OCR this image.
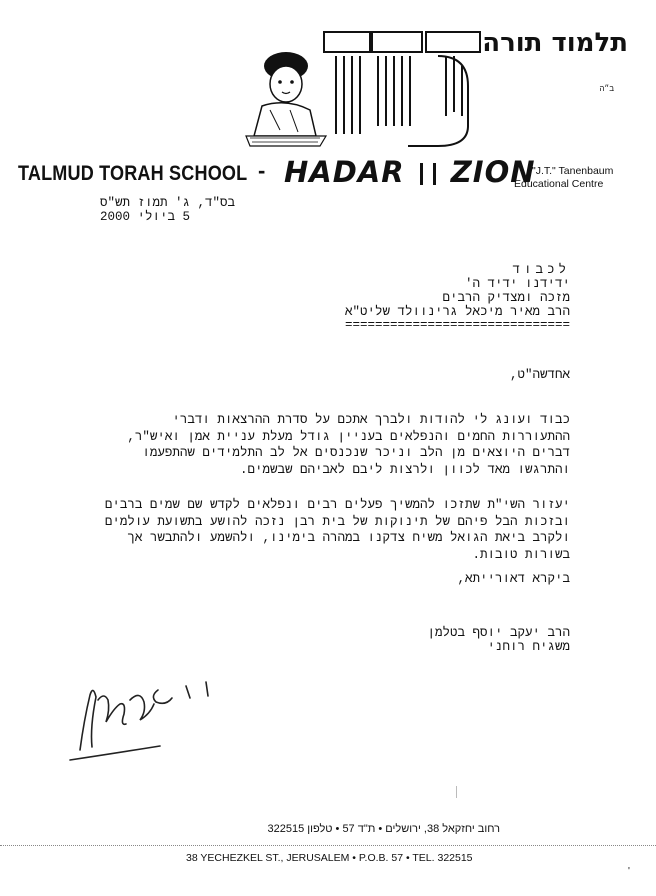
תלמוד תורה
ב״ה
TALMUD TORAH SCHOOL - HADAR ZION
"J.T." Tanenbaum
Educational Centre
בס"ד, ג' תמוז תש"ס
5 ביולי 2000
לכבוד
ידידנו ידיד ה'
מזכה ומצדיק הרבים
הרב מאיר מיכאל גרינוולד שליט"א
==============================
אחדשה"ט,
כבוד ועונג לי להודות ולברך אתכם על סדרת ההרצאות ודברי ההתעוררות החמים והנפלאים בעניין גודל מעלת עניית אמן ואיש"ר, דברים היוצאים מן הלב וניכר שנכנסים אל לב התלמידים שהתפעמו והתרגשו מאד לכוון ולרצות ליבם לאביהם שבשמים.
יעזור השי"ת שתזכו להמשיך פעלים רבים ונפלאים לקדש שם שמים ברבים ובזכות הבל פיהם של תינוקות של בית רבן נזכה להושע בתשועת עולמים ולקרב ביאת הגואל משיח צדקנו במהרה בימינו, ולהשמע ולהתבשר אך בשורות טובות.
ביקרא דאורייתא,
הרב יעקב יוסף בטלמן
משגיח רוחני
רחוב יחזקאל 38, ירושלים • ת"ד 57 • טלפון 322515
38 YECHEZKEL ST., JERUSALEM • P.O.B. 57 • TEL. 322515
'
